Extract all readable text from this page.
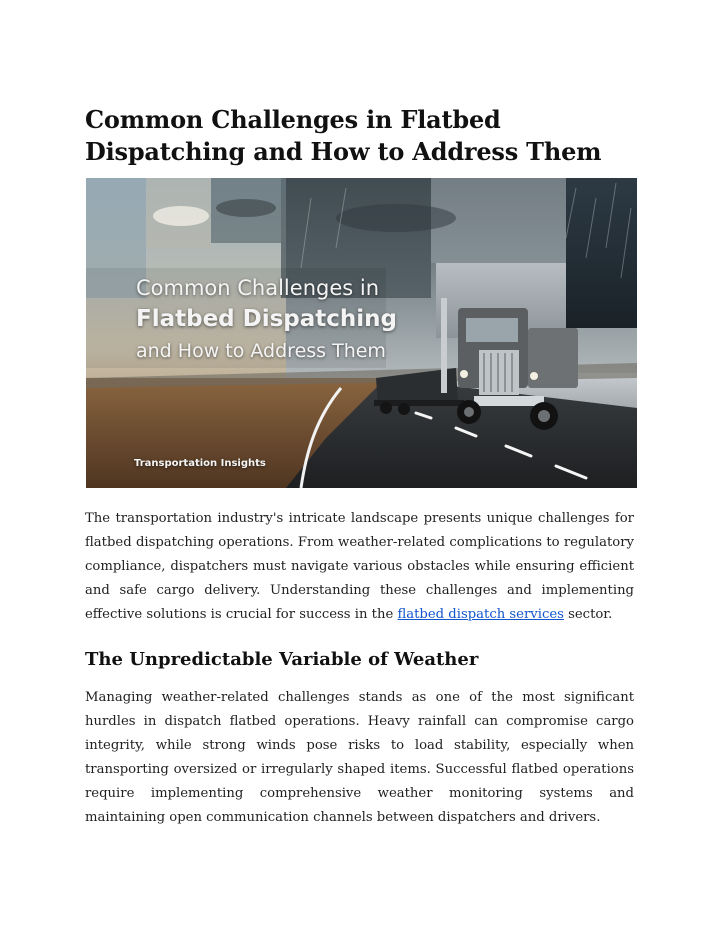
Common Challenges in Flatbed Dispatching and How to Address Them
Common Challenges in
Flatbed Dispatching
and How to Address Them
Transportation Insights

The transportation industry's intricate landscape presents unique challenges for flatbed dispatching operations. From weather-related complications to regulatory compliance, dispatchers must navigate various obstacles while ensuring efficient and safe cargo delivery. Understanding these challenges and implementing effective solutions is crucial for success in the flatbed dispatch services sector.

The Unpredictable Variable of Weather

Managing weather-related challenges stands as one of the most significant hurdles in dispatch flatbed operations. Heavy rainfall can compromise cargo integrity, while strong winds pose risks to load stability, especially when transporting oversized or irregularly shaped items. Successful flatbed operations require implementing comprehensive weather monitoring systems and maintaining open communication channels between dispatchers and drivers.
